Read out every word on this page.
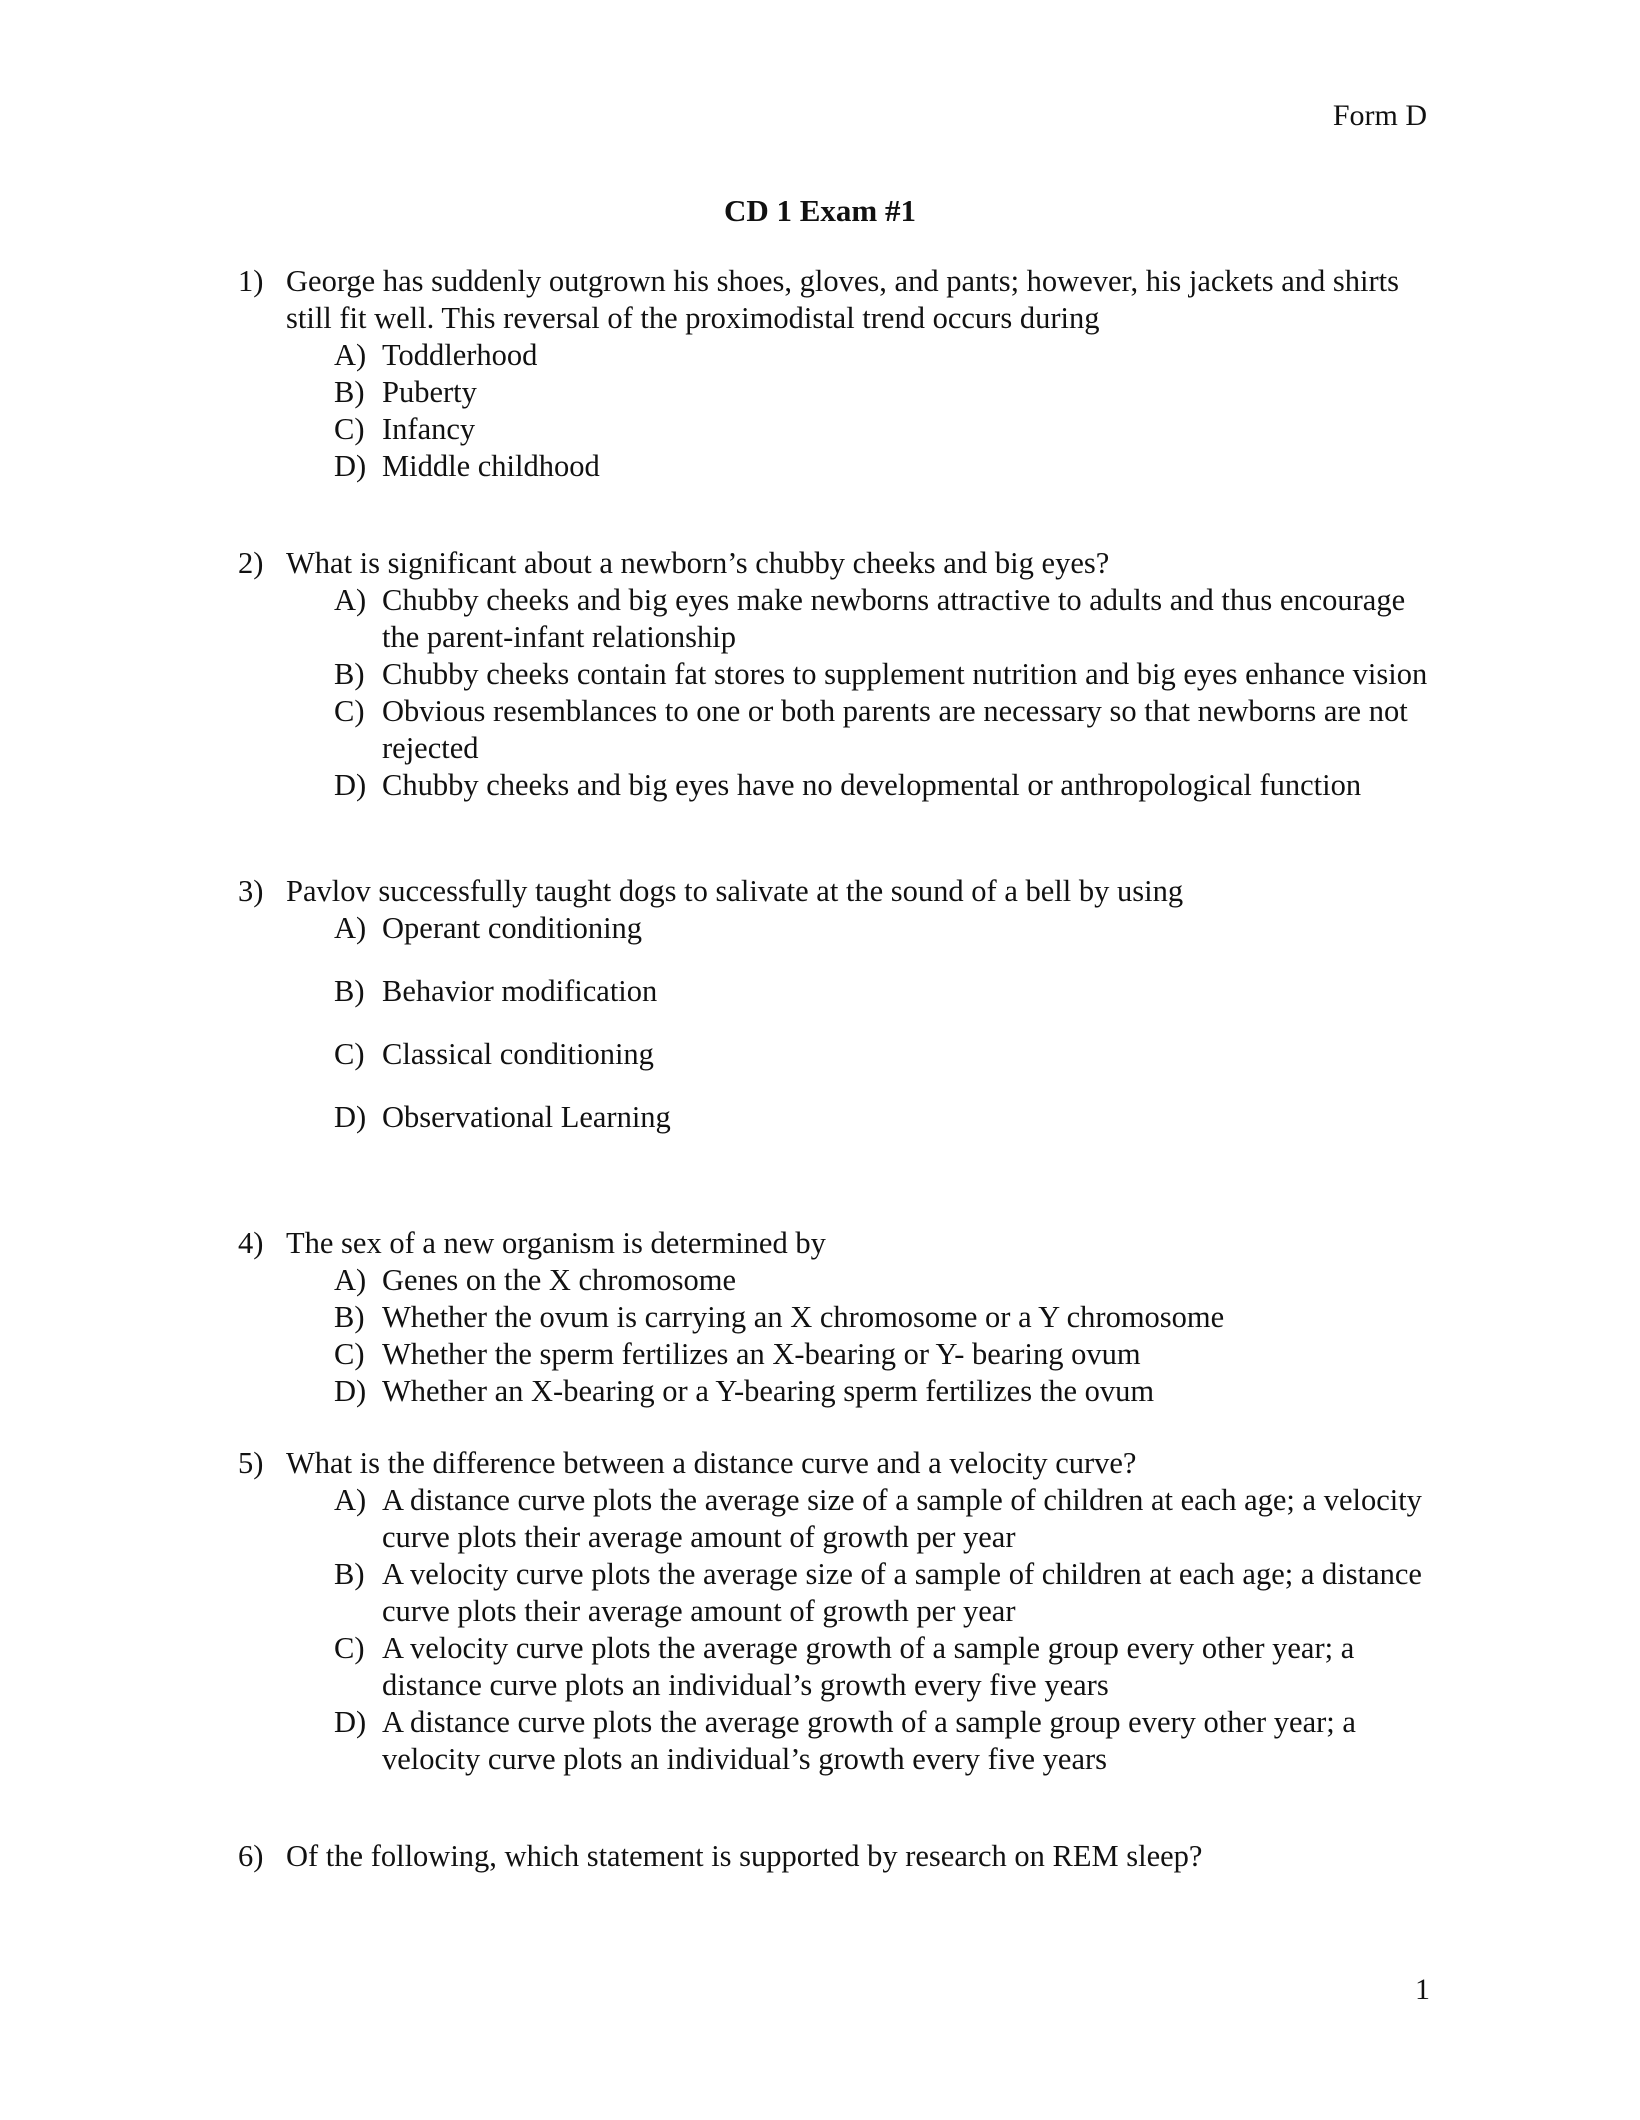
Form D
CD 1 Exam #1
1) George has suddenly outgrown his shoes, gloves, and pants; however, his jackets and shirts still fit well. This reversal of the proximodistal trend occurs during
A) Toddlerhood
B) Puberty
C) Infancy
D) Middle childhood
2) What is significant about a newborn’s chubby cheeks and big eyes?
A) Chubby cheeks and big eyes make newborns attractive to adults and thus encourage the parent-infant relationship
B) Chubby cheeks contain fat stores to supplement nutrition and big eyes enhance vision
C) Obvious resemblances to one or both parents are necessary so that newborns are not rejected
D) Chubby cheeks and big eyes have no developmental or anthropological function
3) Pavlov successfully taught dogs to salivate at the sound of a bell by using
A) Operant conditioning
B) Behavior modification
C) Classical conditioning
D) Observational Learning
4) The sex of a new organism is determined by
A) Genes on the X chromosome
B) Whether the ovum is carrying an X chromosome or a Y chromosome
C) Whether the sperm fertilizes an X-bearing or Y- bearing ovum
D) Whether an X-bearing or a Y-bearing sperm fertilizes the ovum
5) What is the difference between a distance curve and a velocity curve?
A) A distance curve plots the average size of a sample of children at each age; a velocity curve plots their average amount of growth per year
B) A velocity curve plots the average size of a sample of children at each age; a distance curve plots their average amount of growth per year
C) A velocity curve plots the average growth of a sample group every other year; a distance curve plots an individual’s growth every five years
D) A distance curve plots the average growth of a sample group every other year; a velocity curve plots an individual’s growth every five years
6) Of the following, which statement is supported by research on REM sleep?
1
